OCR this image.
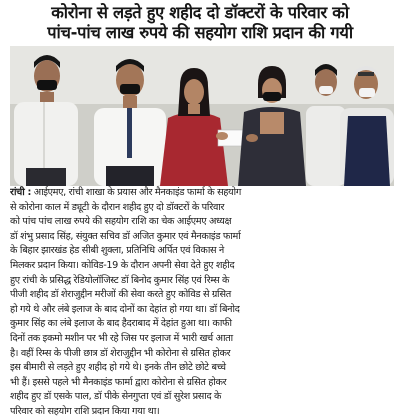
कोरोना से लड़ते हुए शहीद दो डॉक्टरों के परिवार को
पांच-पांच लाख रुपये की सहयोग राशि प्रदान की गयी
रांची : आईएमए, रांची शाखा के प्रयास और मैनकाइंड फार्मा के सहयोग
से कोरोना काल में ड्यूटी के दौरान शहीद हुए दो डॉक्टरों के परिवार
को पांच पांच लाख रुपये की सहयोग राशि का चेक आईएमए अध्यक्ष
डॉ शंभु प्रसाद सिंह, संयुक्त सचिव डॉ अजित कुमार एवं मैनकाइंड फार्मा
के बिहार झारखंड हेड सीबी शुक्ला, प्रतिनिधि अर्पित एवं विकास ने
मिलकर प्रदान किया। कोविड-19 के दौरान अपनी सेवा देते हुए शहीद
हुए रांची के प्रसिद्ध रेडियोलॉजिस्ट डॉ बिनोद कुमार सिंह एवं रिम्स के
पीजी शहीद डॉ शेराजुद्दीन मरीजों की सेवा करते हुए कोविड से ग्रसित
हो गये थे और लंबे इलाज के बाद दोनों का देहांत हो गया था। डॉ बिनोद
कुमार सिंह का लंबे इलाज के बाद हैदराबाद में देहांत हुआ था। काफी
दिनों तक इकमो मशीन पर भी रहे जिस पर इलाज में भारी खर्च आता
है। वहीं रिम्स के पीजी छात्र डॉ शेराजुद्दीन भी कोरोना से ग्रसित होकर
इस बीमारी से लड़ते हुए शहीद हो गये थे। इनके तीन छोटे छोटे बच्चे
भी हैं। इससे पहले भी मैनकाइंड फार्मा द्वारा कोरोना से ग्रसित होकर
शहीद हुए डॉ एसके पाल, डॉ पीके सेनगुप्ता एवं डॉ सुरेश प्रसाद के
परिवार को सहयोग राशि प्रदान किया गया था।
